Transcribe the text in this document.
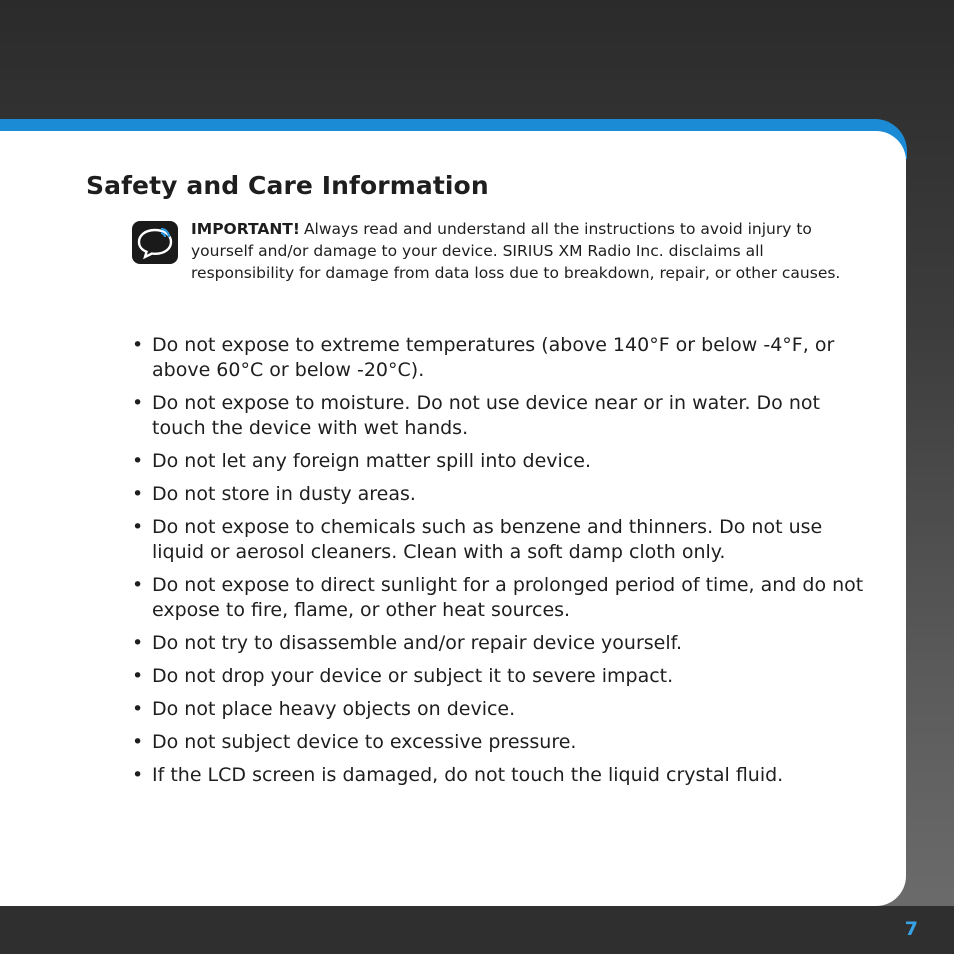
Safety and Care Information
IMPORTANT! Always read and understand all the instructions to avoid injury to yourself and/or damage to your device. SIRIUS XM Radio Inc. disclaims all responsibility for damage from data loss due to breakdown, repair, or other causes.
• Do not expose to extreme temperatures (above 140°F or below -4°F, or above 60°C or below -20°C).
• Do not expose to moisture. Do not use device near or in water. Do not touch the device with wet hands.
• Do not let any foreign matter spill into device.
• Do not store in dusty areas.
• Do not expose to chemicals such as benzene and thinners. Do not use liquid or aerosol cleaners. Clean with a soft damp cloth only.
• Do not expose to direct sunlight for a prolonged period of time, and do not expose to fire, flame, or other heat sources.
• Do not try to disassemble and/or repair device yourself.
• Do not drop your device or subject it to severe impact.
• Do not place heavy objects on device.
• Do not subject device to excessive pressure.
• If the LCD screen is damaged, do not touch the liquid crystal fluid.
7
